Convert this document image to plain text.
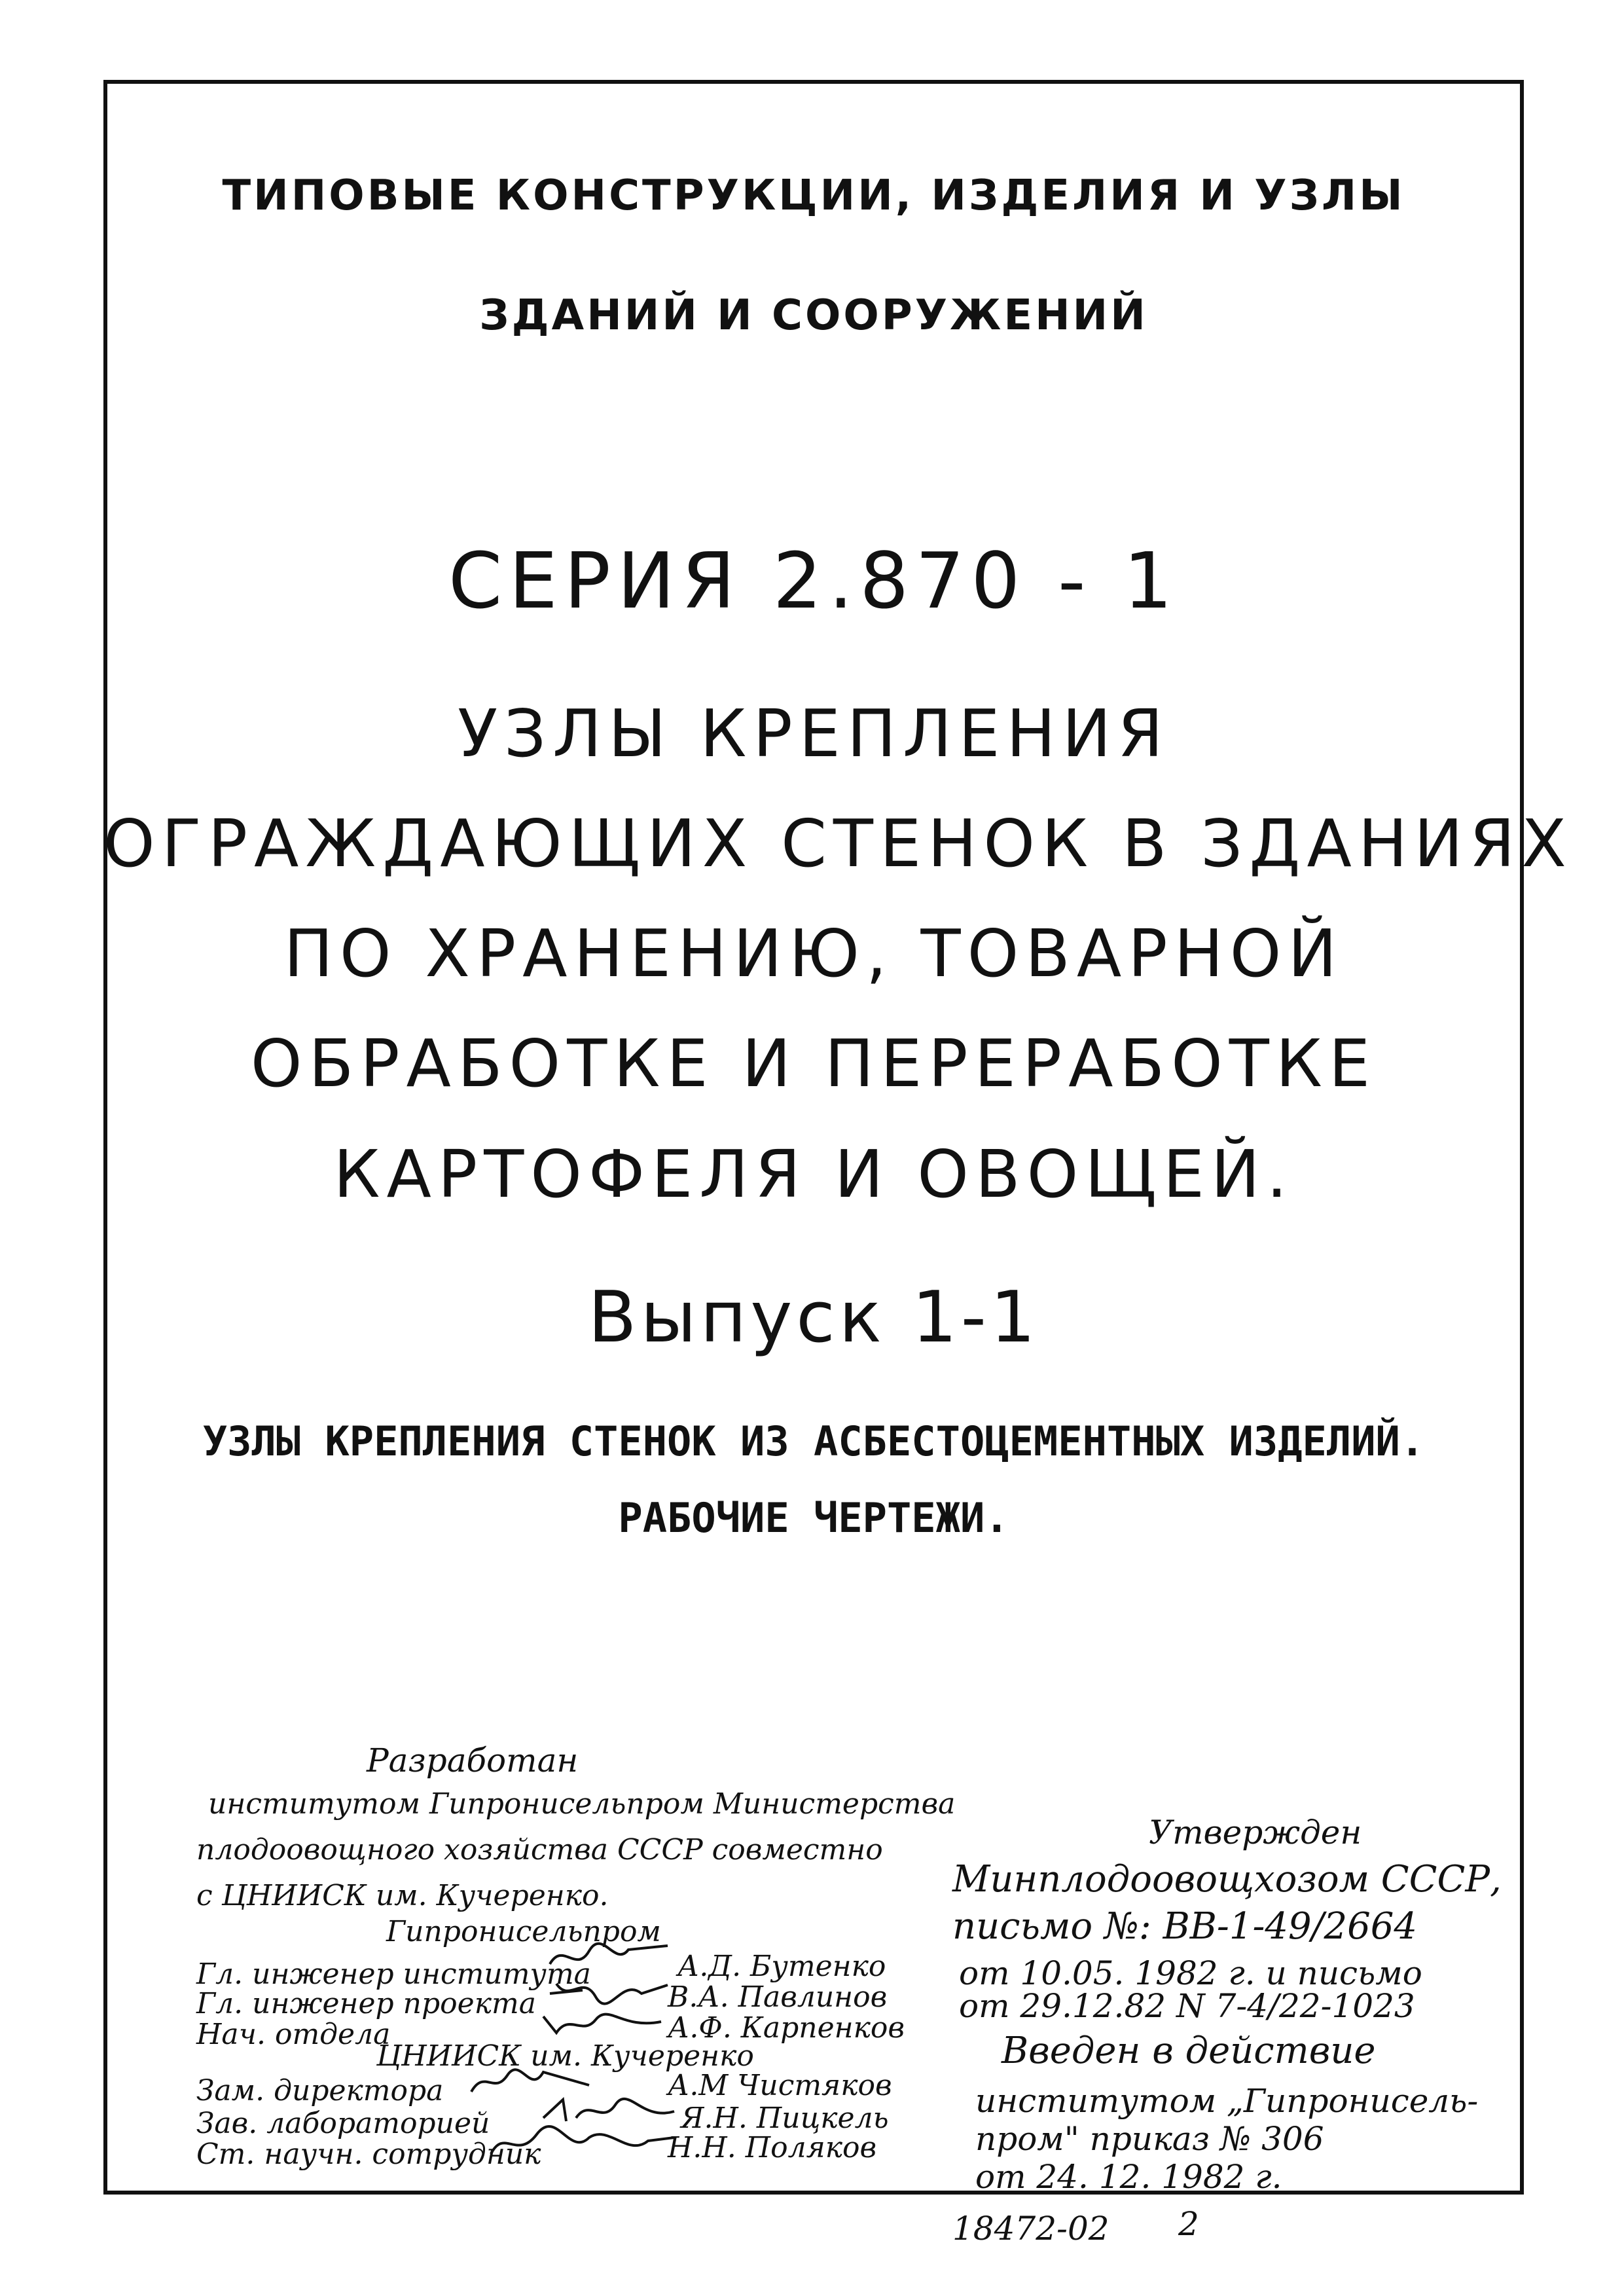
ТИПОВЫЕ КОНСТРУКЦИИ, ИЗДЕЛИЯ И УЗЛЫ
ЗДАНИЙ И СООРУЖЕНИЙ
СЕРИЯ 2.870 - 1
УЗЛЫ КРЕПЛЕНИЯ
ОГРАЖДАЮЩИХ СТЕНОК В ЗДАНИЯХ
ПО ХРАНЕНИЮ, ТОВАРНОЙ
ОБРАБОТКЕ И ПЕРЕРАБОТКЕ
КАРТОФЕЛЯ И ОВОЩЕЙ.
Выпуск 1-1
УЗЛЫ КРЕПЛЕНИЯ СТЕНОК ИЗ АСБЕСТОЦЕМЕНТНЫХ ИЗДЕЛИЙ.
РАБОЧИЕ ЧЕРТЕЖИ.
Разработан
институтом Гипронисельпром Министерства
плодоовощного хозяйства СССР совместно
с ЦНИИСК им. Кучеренко.
Гипронисельпром
Гл. инженер института	А.Д. Бутенко
Гл. инженер проекта	В.А. Павлинов
Нач. отдела	А.Ф. Карпенков
ЦНИИСК им. Кучеренко
Зам. директора	А.М Чистяков
Зав. лабораторией	Я.Н. Пицкель
Ст. научн. сотрудник	Н.Н. Поляков
Утвержден
Минплодоовощхозом СССР,
письмо №: ВВ-1-49/2664
от 10.05. 1982 г. и письмо
от 29.12.82 N 7-4/22-1023
Введен в действие
институтом „Гипронисель-
пром" приказ № 306
от 24. 12. 1982 г.
18472-02 2
